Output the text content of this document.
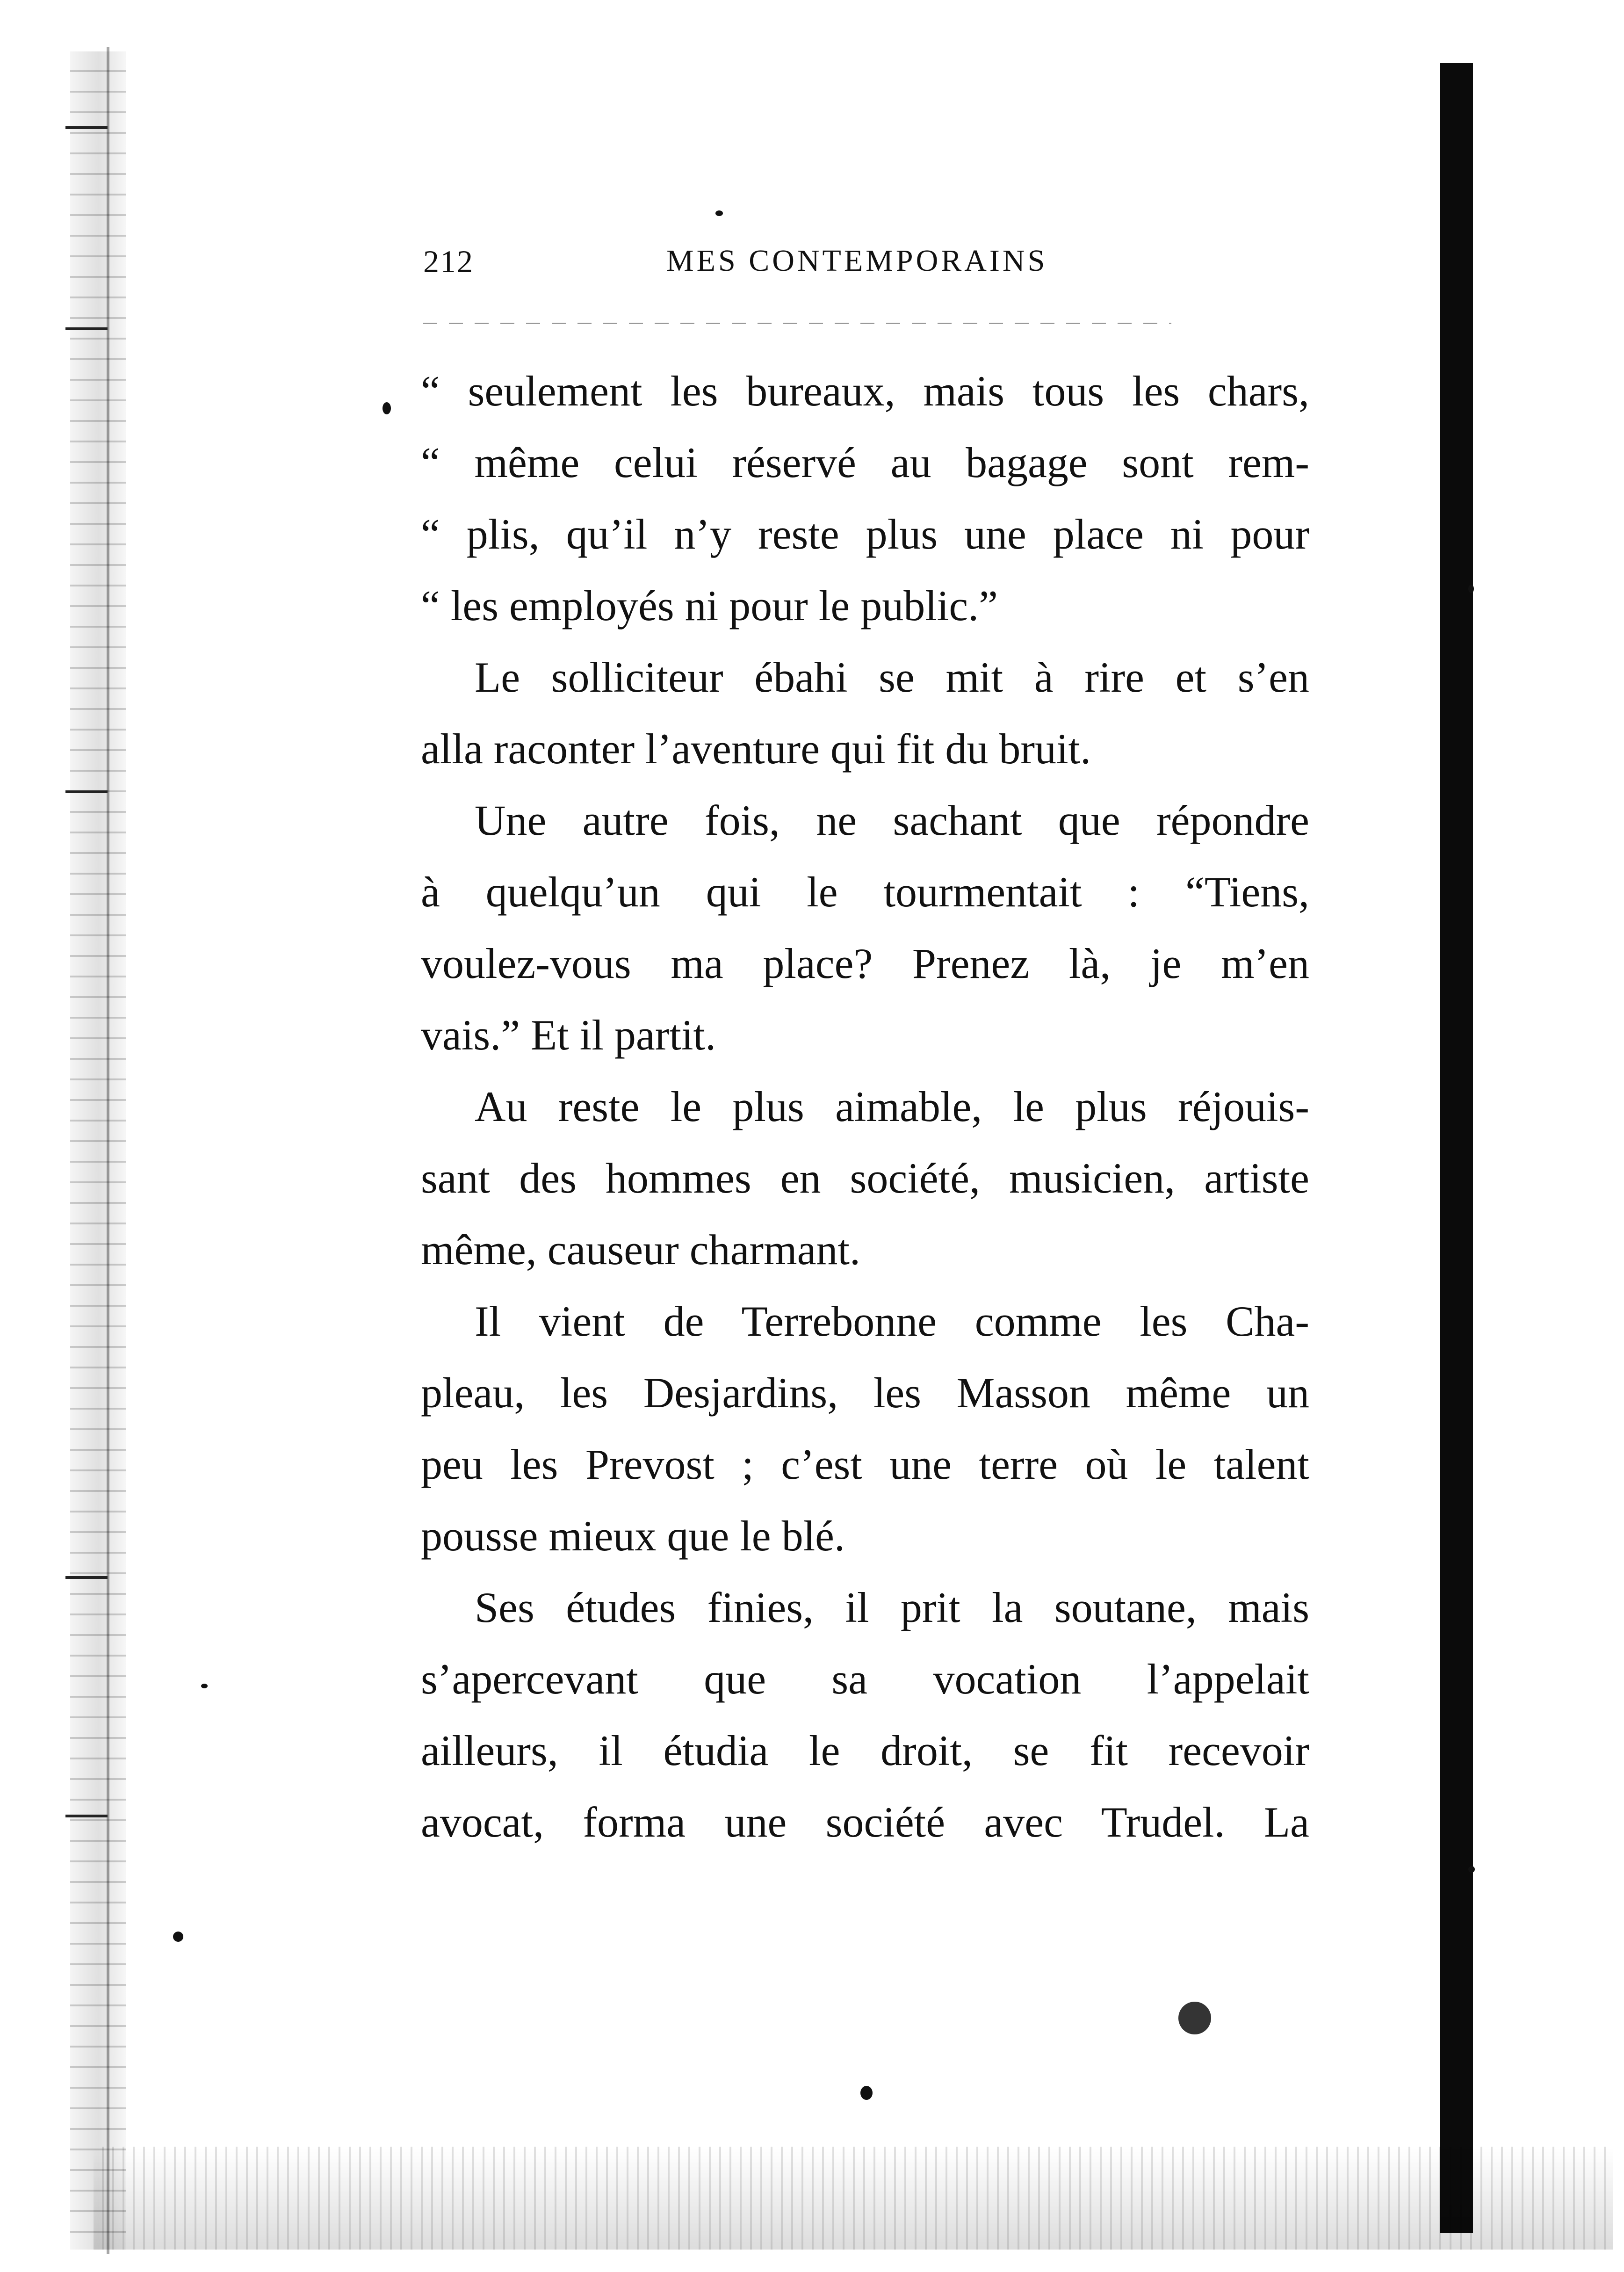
212	MES CONTEMPORAINS
“ seulement les bureaux, mais tous les chars,
“ même celui réservé au bagage sont rem-
“ plis, qu’il n’y reste plus une place ni pour
“ les employés ni pour le public.”
Le solliciteur ébahi se mit à rire et s’en
alla raconter l’aventure qui fit du bruit.
Une autre fois, ne sachant que répondre
à quelqu’un qui le tourmentait : “Tiens,
voulez-vous ma place? Prenez là, je m’en
vais.” Et il partit.
Au reste le plus aimable, le plus réjouis-
sant des hommes en société, musicien, artiste
même, causeur charmant.
Il vient de Terrebonne comme les Cha-
pleau, les Desjardins, les Masson même un
peu les Prevost ; c’est une terre où le talent
pousse mieux que le blé.
Ses études finies, il prit la soutane, mais
s’apercevant que sa vocation l’appelait
ailleurs, il étudia le droit, se fit recevoir
avocat, forma une société avec Trudel. La
